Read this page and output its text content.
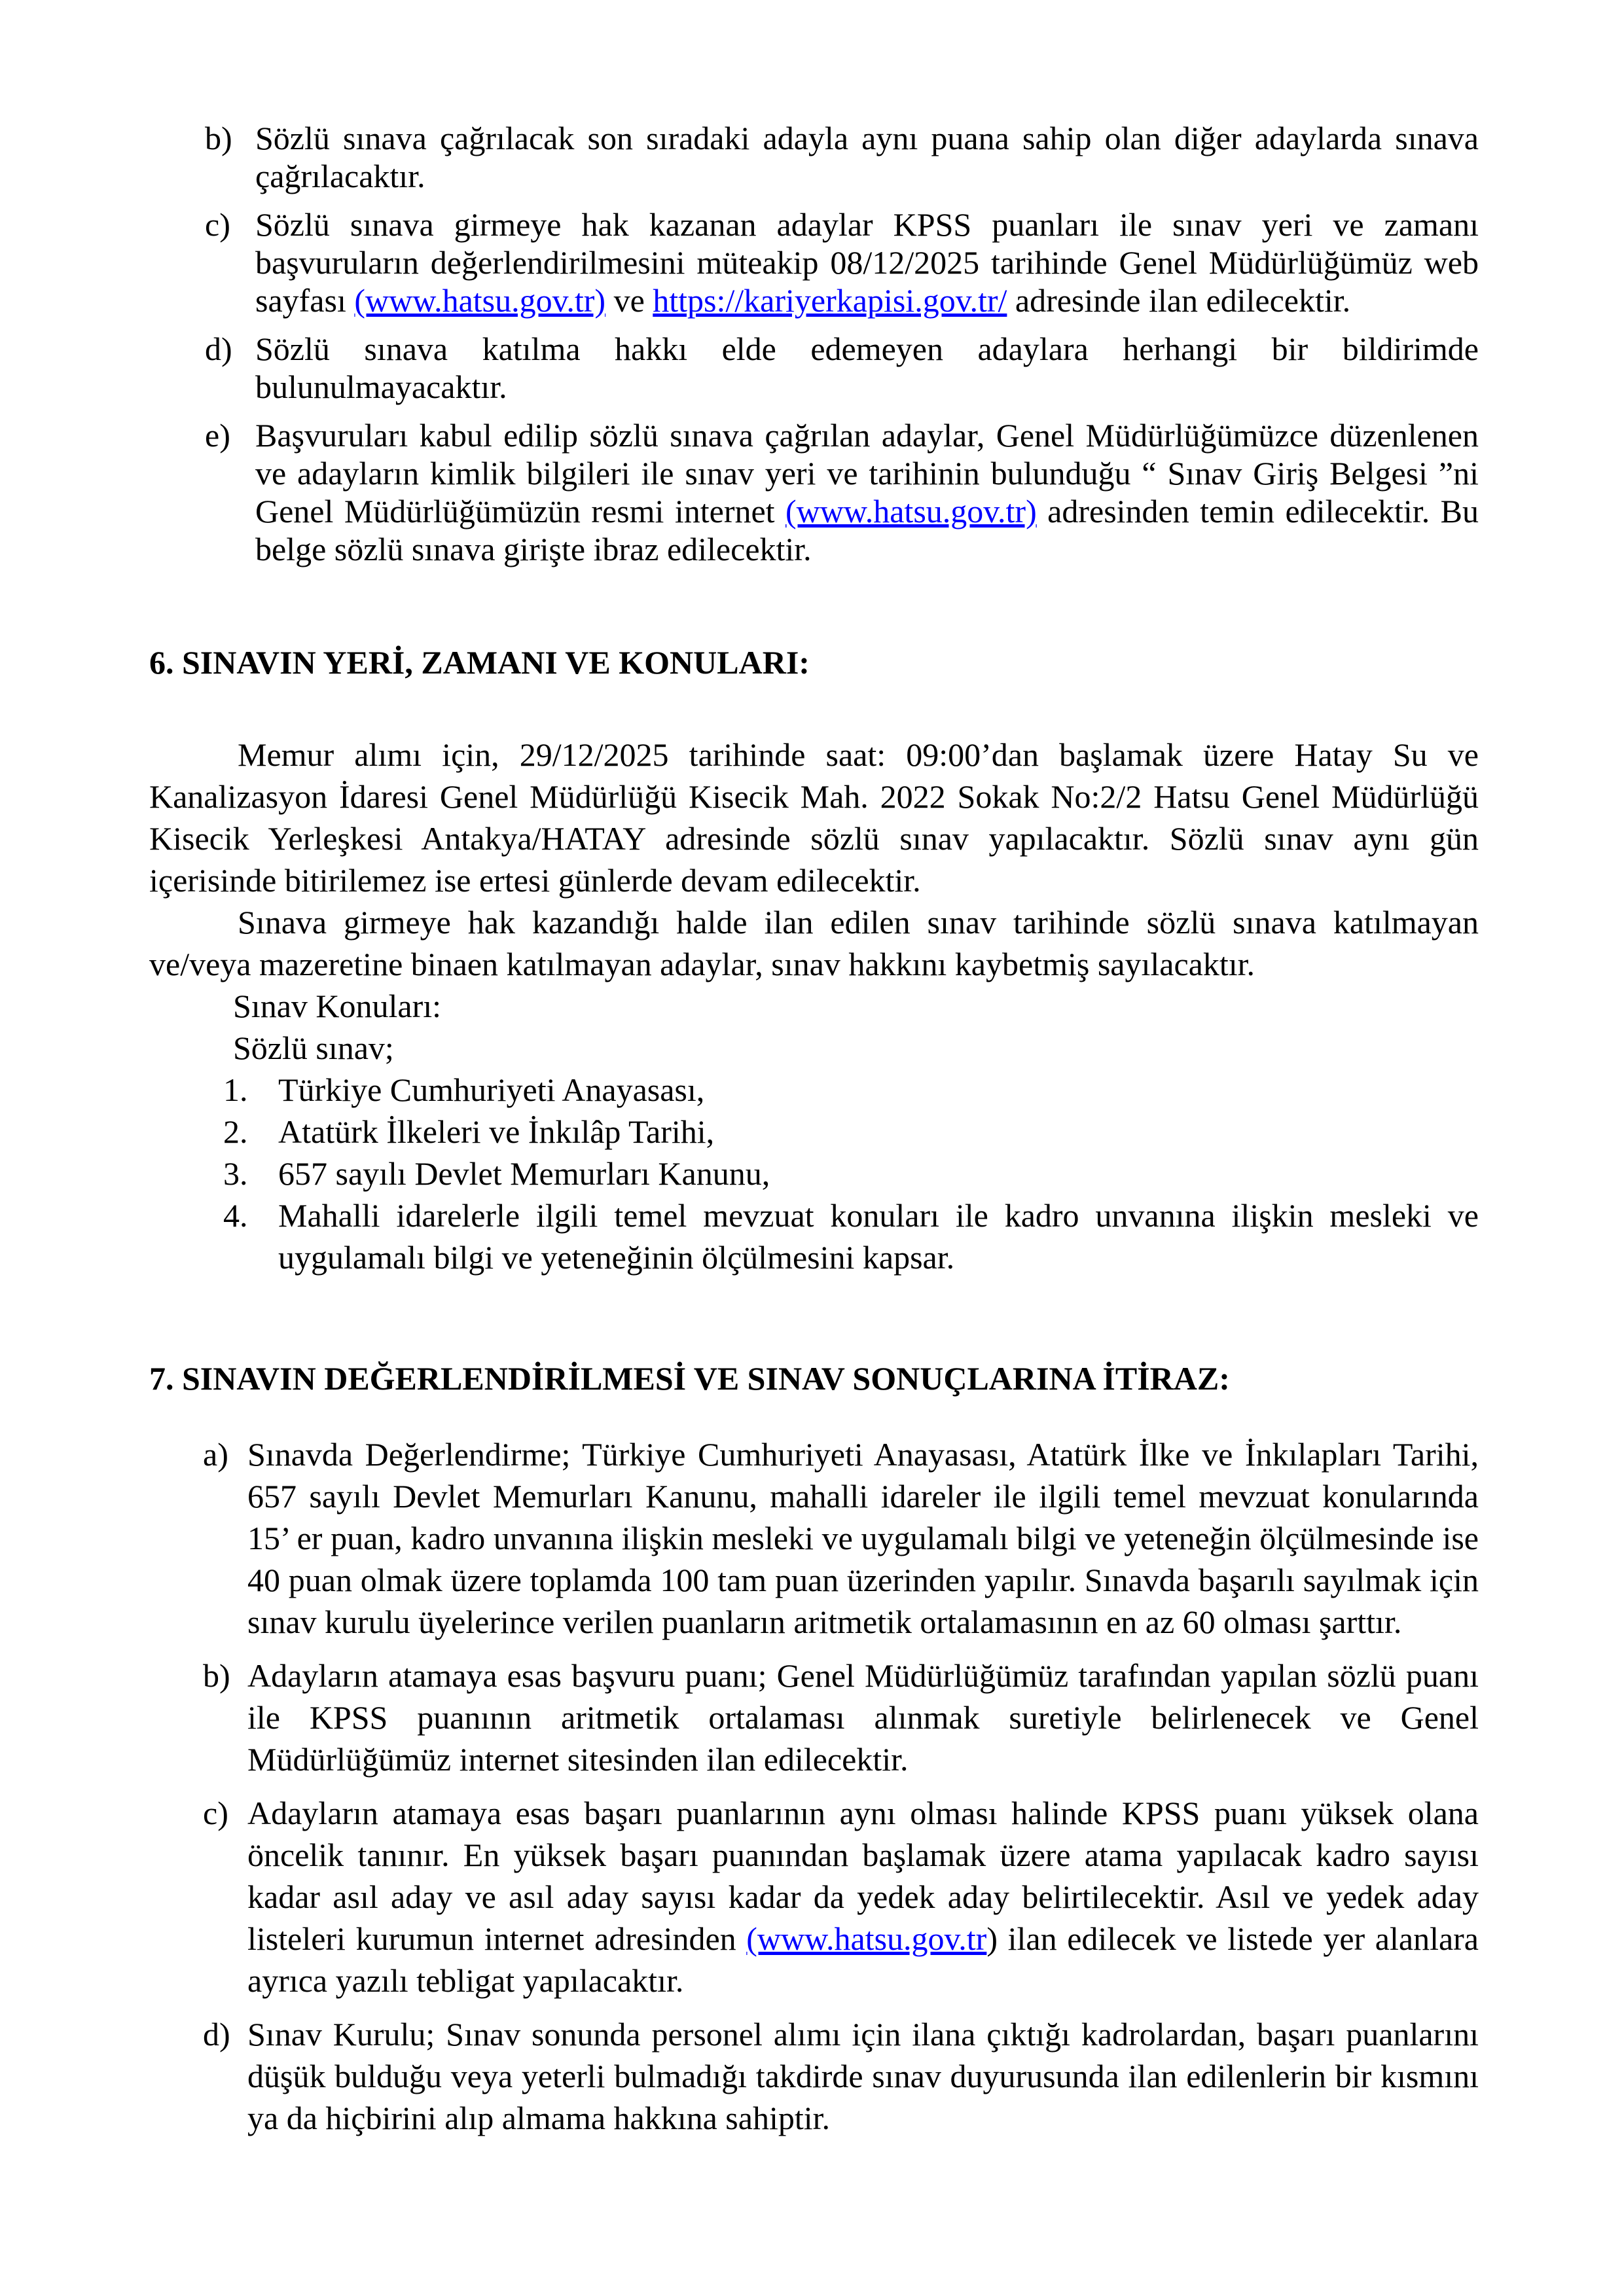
b) Sözlü sınava çağrılacak son sıradaki adayla aynı puana sahip olan diğer adaylarda sınava çağrılacaktır.
c) Sözlü sınava girmeye hak kazanan adaylar KPSS puanları ile sınav yeri ve zamanı başvuruların değerlendirilmesini müteakip 08/12/2025 tarihinde Genel Müdürlüğümüz web sayfası (www.hatsu.gov.tr) ve https://kariyerkapisi.gov.tr/ adresinde ilan edilecektir.
d) Sözlü sınava katılma hakkı elde edemeyen adaylara herhangi bir bildirimde bulunulmayacaktır.
e) Başvuruları kabul edilip sözlü sınava çağrılan adaylar, Genel Müdürlüğümüzce düzenlenen ve adayların kimlik bilgileri ile sınav yeri ve tarihinin bulunduğu “ Sınav Giriş Belgesi ”ni Genel Müdürlüğümüzün resmi internet (www.hatsu.gov.tr) adresinden temin edilecektir. Bu belge sözlü sınava girişte ibraz edilecektir.
6. SINAVIN YERİ, ZAMANI VE KONULARI:

Memur alımı için, 29/12/2025 tarihinde saat: 09:00’dan başlamak üzere Hatay Su ve Kanalizasyon İdaresi Genel Müdürlüğü Kisecik Mah. 2022 Sokak No:2/2 Hatsu Genel Müdürlüğü Kisecik Yerleşkesi Antakya/HATAY adresinde sözlü sınav yapılacaktır. Sözlü sınav aynı gün içerisinde bitirilemez ise ertesi günlerde devam edilecektir.

Sınava girmeye hak kazandığı halde ilan edilen sınav tarihinde sözlü sınava katılmayan ve/veya mazeretine binaen katılmayan adaylar, sınav hakkını kaybetmiş sayılacaktır.

Sınav Konuları:
Sözlü sınav;
1. Türkiye Cumhuriyeti Anayasası,
2. Atatürk İlkeleri ve İnkılâp Tarihi,
3. 657 sayılı Devlet Memurları Kanunu,
4. Mahalli idarelerle ilgili temel mevzuat konuları ile kadro unvanına ilişkin mesleki ve uygulamalı bilgi ve yeteneğinin ölçülmesini kapsar.
7. SINAVIN DEĞERLENDİRİLMESİ VE SINAV SONUÇLARINA İTİRAZ:
a) Sınavda Değerlendirme; Türkiye Cumhuriyeti Anayasası, Atatürk İlke ve İnkılapları Tarihi, 657 sayılı Devlet Memurları Kanunu, mahalli idareler ile ilgili temel mevzuat konularında 15’ er puan, kadro unvanına ilişkin mesleki ve uygulamalı bilgi ve yeteneğin ölçülmesinde ise 40 puan olmak üzere toplamda 100 tam puan üzerinden yapılır. Sınavda başarılı sayılmak için sınav kurulu üyelerince verilen puanların aritmetik ortalamasının en az 60 olması şarttır.
b) Adayların atamaya esas başvuru puanı; Genel Müdürlüğümüz tarafından yapılan sözlü puanı ile KPSS puanının aritmetik ortalaması alınmak suretiyle belirlenecek ve Genel Müdürlüğümüz internet sitesinden ilan edilecektir.
c) Adayların atamaya esas başarı puanlarının aynı olması halinde KPSS puanı yüksek olana öncelik tanınır. En yüksek başarı puanından başlamak üzere atama yapılacak kadro sayısı kadar asıl aday ve asıl aday sayısı kadar da yedek aday belirtilecektir. Asıl ve yedek aday listeleri kurumun internet adresinden (www.hatsu.gov.tr) ilan edilecek ve listede yer alanlara ayrıca yazılı tebligat yapılacaktır.
d) Sınav Kurulu; Sınav sonunda personel alımı için ilana çıktığı kadrolardan, başarı puanlarını düşük bulduğu veya yeterli bulmadığı takdirde sınav duyurusunda ilan edilenlerin bir kısmını ya da hiçbirini alıp almama hakkına sahiptir.
